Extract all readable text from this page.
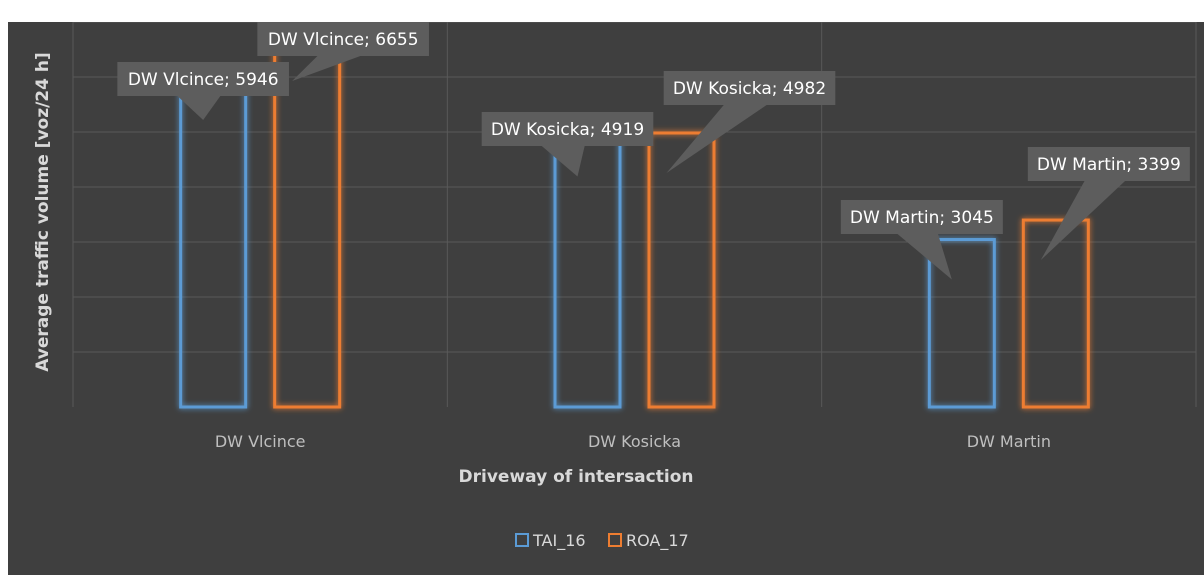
DW Vlcince; 5946
DW Vlcince; 6655
DW Kosicka; 4919
DW Kosicka; 4982
DW Martin; 3045
DW Martin; 3399
DW Vlcince	DW Kosicka	DW Martin
Driveway of intersaction
Average traffic volume [voz/24 h]
TAI_16	ROA_17
